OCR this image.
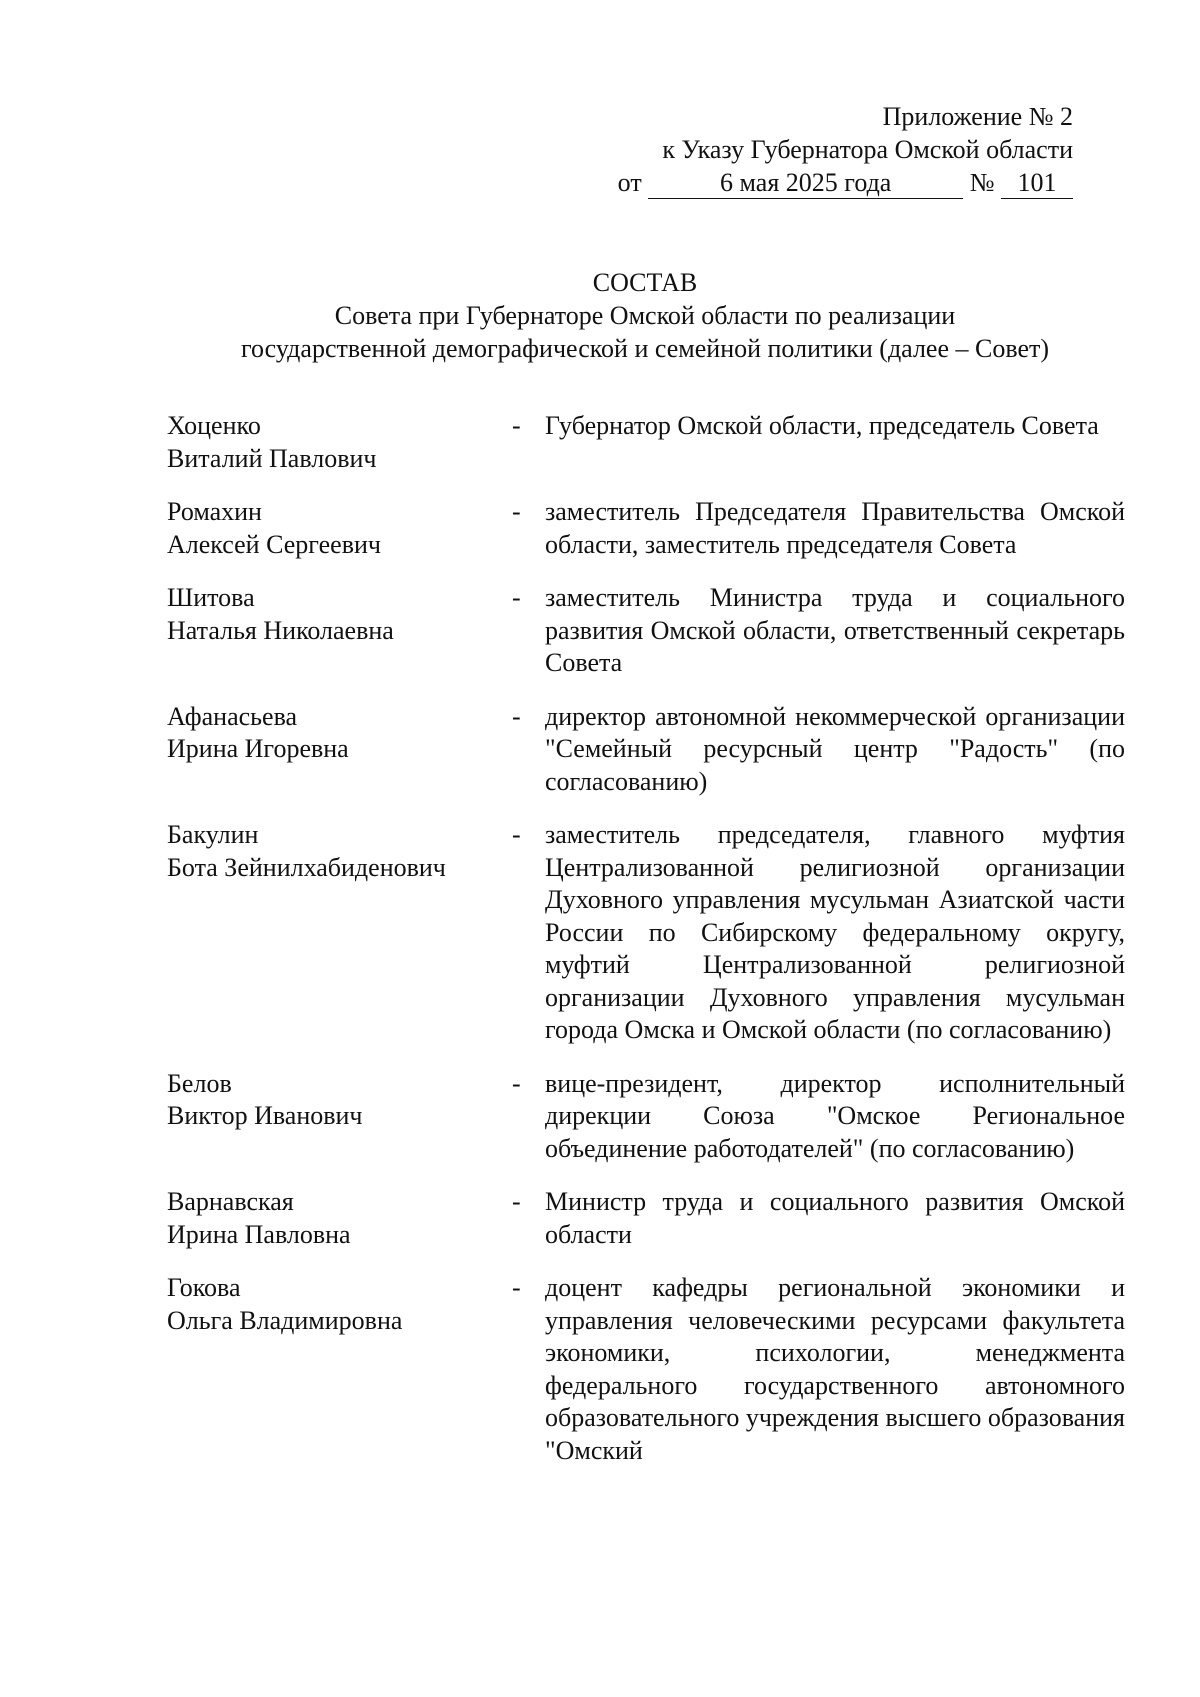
Приложение № 2
к Указу Губернатора Омской области
от	6 мая 2025 года	№ 101
СОСТАВ
Совета при Губернаторе Омской области по реализации
государственной демографической и семейной политики (далее – Совет)
Хоценко
Виталий Павлович
- Губернатор Омской области, председатель Совета
Ромахин
Алексей Сергеевич
- заместитель Председателя Правительства Омской области, заместитель председателя Совета
Шитова
Наталья Николаевна
- заместитель Министра труда и социального развития Омской области, ответственный секретарь Совета
Афанасьева
Ирина Игоревна
- директор автономной некоммерческой организации "Семейный ресурсный центр "Радость" (по согласованию)
Бакулин
Бота Зейнилхабиденович
- заместитель председателя, главного муфтия Централизованной религиозной организации Духовного управления мусульман Азиатской части России по Сибирскому федеральному округу, муфтий Централизованной религиозной организации Духовного управления мусульман города Омска и Омской области (по согласованию)
Белов
Виктор Иванович
- вице-президент, директор исполнительный дирекции Союза "Омское Региональное объединение работодателей" (по согласованию)
Варнавская
Ирина Павловна
- Министр труда и социального развития Омской области
Гокова
Ольга Владимировна
- доцент кафедры региональной экономики и управления человеческими ресурсами факультета экономики, психологии, менеджмента федерального государственного автономного образовательного учреждения высшего образования "Омский
